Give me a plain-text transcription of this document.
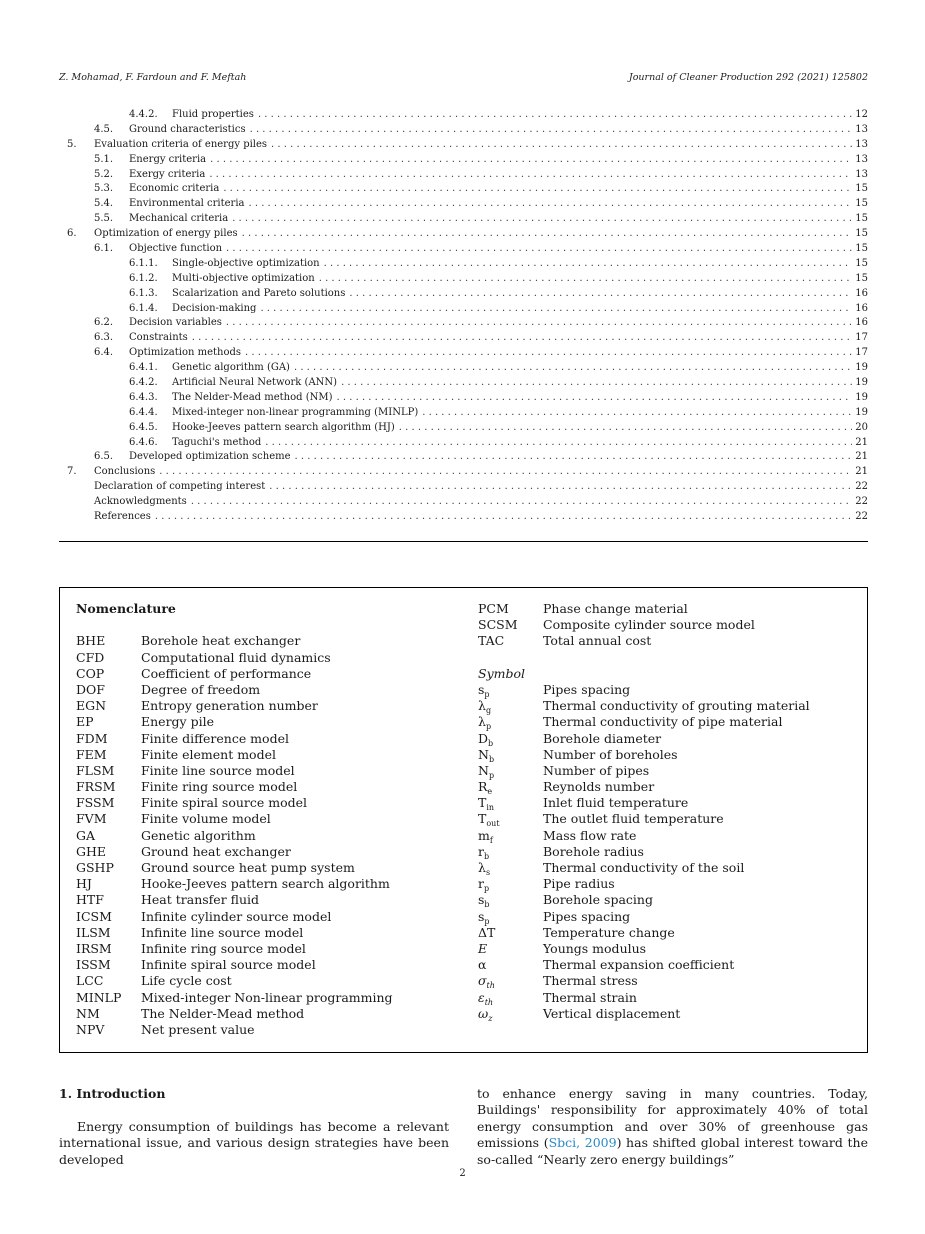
Z. Mohamad, F. Fardoun and F. Meftah	Journal of Cleaner Production 292 (2021) 125802
4.4.2.	Fluid properties . . .	12
4.5.	Ground characteristics . . .	13
5.	Evaluation criteria of energy piles . . .	13
5.1.	Energy criteria . . .	13
5.2.	Exergy criteria . . .	13
5.3.	Economic criteria . . .	15
5.4.	Environmental criteria . . .	15
5.5.	Mechanical criteria . . .	15
6.	Optimization of energy piles . . .	15
6.1.	Objective function . . .	15
6.1.1.	Single-objective optimization . . .	15
6.1.2.	Multi-objective optimization . . .	15
6.1.3.	Scalarization and Pareto solutions . . .	16
6.1.4.	Decision-making . . .	16
6.2.	Decision variables . . .	16
6.3.	Constraints . . .	17
6.4.	Optimization methods . . .	17
6.4.1.	Genetic algorithm (GA) . . .	19
6.4.2.	Artificial Neural Network (ANN) . . .	19
6.4.3.	The Nelder-Mead method (NM) . . .	19
6.4.4.	Mixed-integer non-linear programming (MINLP) . . .	19
6.4.5.	Hooke-Jeeves pattern search algorithm (HJ) . . .	20
6.4.6.	Taguchi's method . . .	21
6.5.	Developed optimization scheme . . .	21
7.	Conclusions . . .	21
Declaration of competing interest . . .	22
Acknowledgments . . .	22
References . . .	22
Nomenclature
BHE	Borehole heat exchanger
CFD	Computational fluid dynamics
COP	Coefficient of performance
DOF	Degree of freedom
EGN	Entropy generation number
EP	Energy pile
FDM	Finite difference model
FEM	Finite element model
FLSM Finite line source model
FRSM Finite ring source model
FSSM Finite spiral source model
FVM	Finite volume model
GA	Genetic algorithm
GHE	Ground heat exchanger
GSHP Ground source heat pump system
HJ	Hooke-Jeeves pattern search algorithm
HTF	Heat transfer fluid
ICSM Infinite cylinder source model
ILSM Infinite line source model
IRSM Infinite ring source model
ISSM Infinite spiral source model
LCC	Life cycle cost
MINLP Mixed-integer Non-linear programming
NM	The Nelder-Mead method
NPV	Net present value
PCM	Phase change material
SCSM Composite cylinder source model
TAC	Total annual cost
Symbol
$s_p$	Pipes spacing
$\lambda_g$	Thermal conductivity of grouting material
$\lambda_p$	Thermal conductivity of pipe material
$D_b$	Borehole diameter
$N_b$	Number of boreholes
$N_p$	Number of pipes
$R_e$	Reynolds number
$T_{in}$	Inlet fluid temperature
$T_{out}$	The outlet fluid temperature
$m_f$	Mass flow rate
$r_b$	Borehole radius
$\lambda_s$	Thermal conductivity of the soil
$r_p$	Pipe radius
$s_b$	Borehole spacing
$s_p$	Pipes spacing
ΔT	Temperature change
E	Youngs modulus
α	Thermal expansion coefficient
$\sigma_{th}$	Thermal stress
$\varepsilon_{th}$	Thermal strain
$\omega_z$	Vertical displacement
1. Introduction
Energy consumption of buildings has become a relevant international issue, and various design strategies have been developed
to enhance energy saving in many countries. Today, Buildings' responsibility for approximately 40% of total energy consumption and over 30% of greenhouse gas emissions (Sbci, 2009) has shifted global interest toward the so-called “Nearly zero energy buildings”
2
